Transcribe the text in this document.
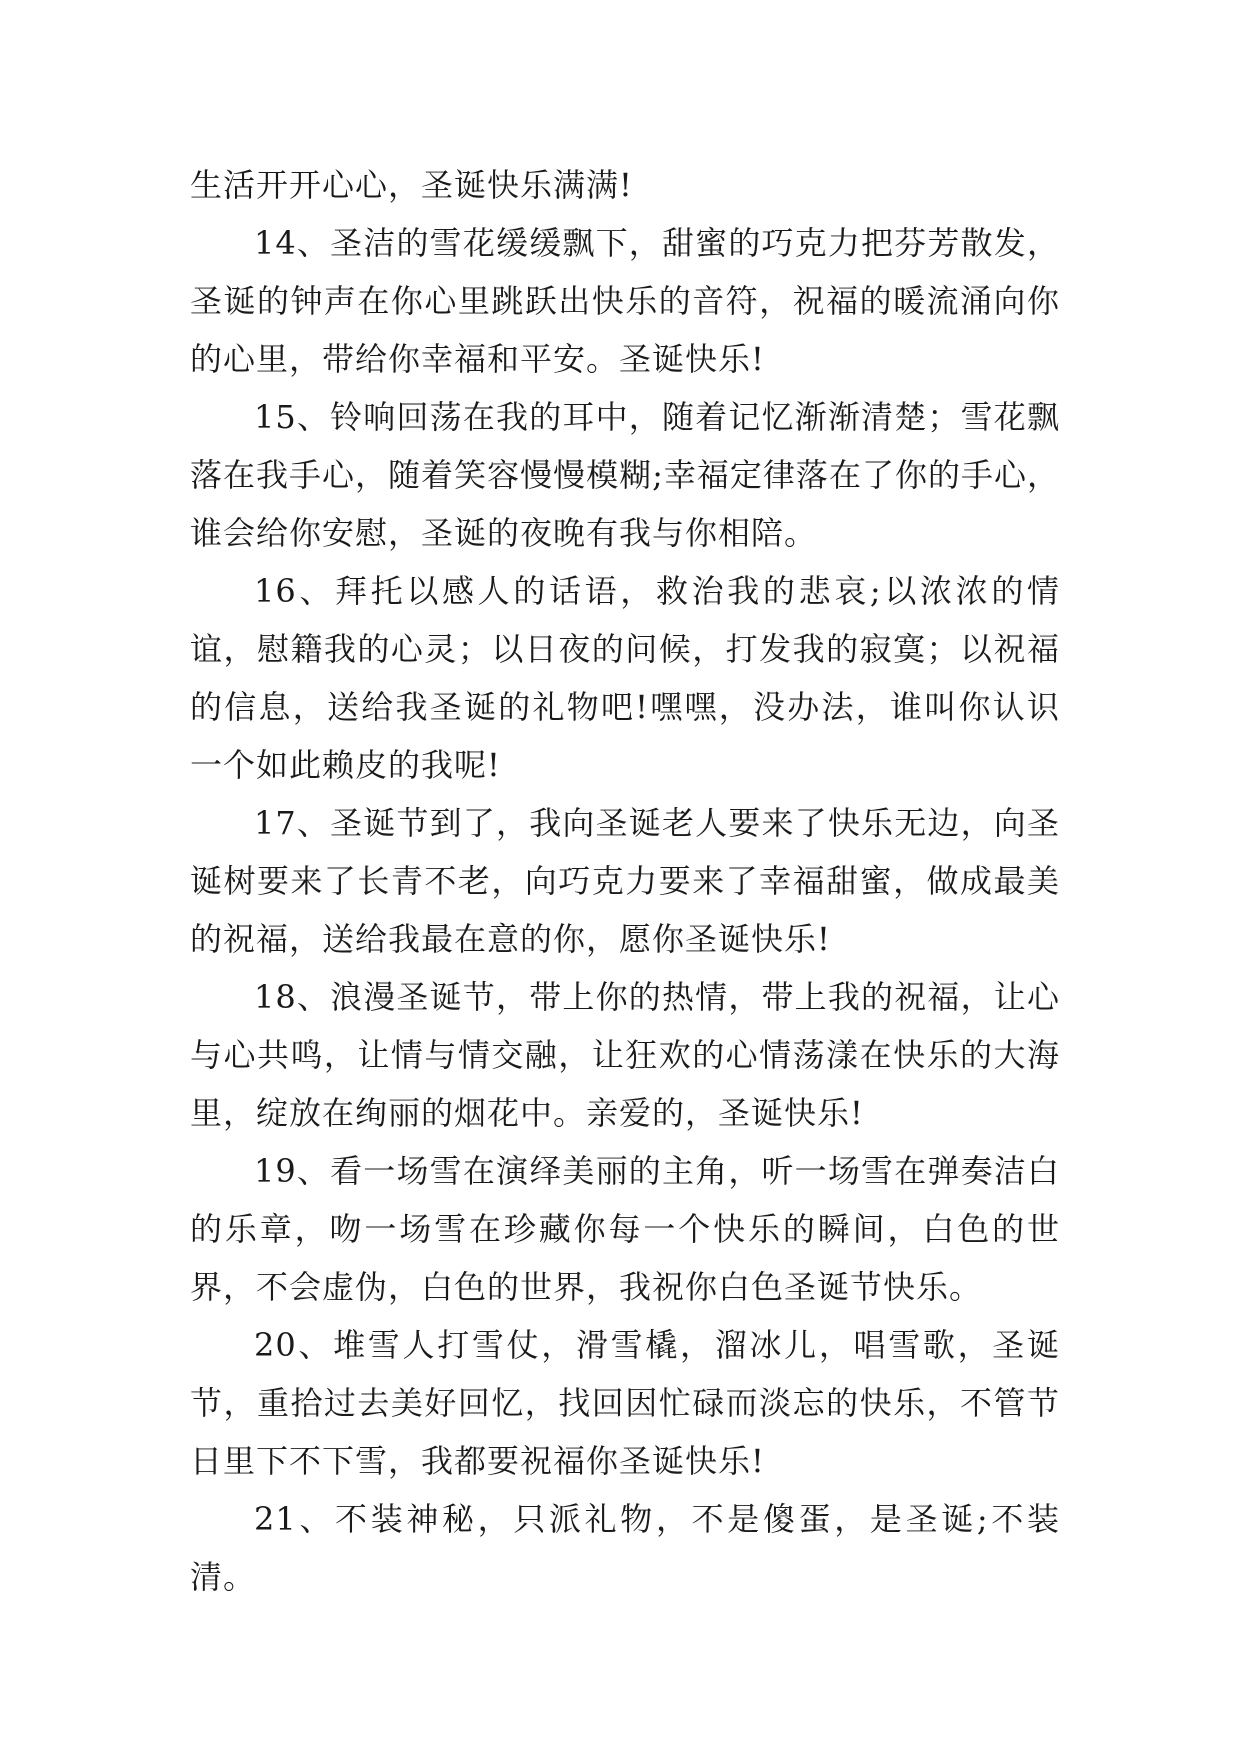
生活开开心心，圣诞快乐满满!

14、圣洁的雪花缓缓飘下，甜蜜的巧克力把芬芳散发，圣诞的钟声在你心里跳跃出快乐的音符，祝福的暖流涌向你的心里，带给你幸福和平安。圣诞快乐!

15、铃响回荡在我的耳中，随着记忆渐渐清楚；雪花飘落在我手心，随着笑容慢慢模糊;幸福定律落在了你的手心，谁会给你安慰，圣诞的夜晚有我与你相陪。

16、拜托以感人的话语，救治我的悲哀;以浓浓的情谊，慰籍我的心灵；以日夜的问候，打发我的寂寞；以祝福的信息，送给我圣诞的礼物吧!嘿嘿，没办法，谁叫你认识一个如此赖皮的我呢!

17、圣诞节到了，我向圣诞老人要来了快乐无边，向圣诞树要来了长青不老，向巧克力要来了幸福甜蜜，做成最美的祝福，送给我最在意的你，愿你圣诞快乐!

18、浪漫圣诞节，带上你的热情，带上我的祝福，让心与心共鸣，让情与情交融，让狂欢的心情荡漾在快乐的大海里，绽放在绚丽的烟花中。亲爱的，圣诞快乐!

19、看一场雪在演绎美丽的主角，听一场雪在弹奏洁白的乐章，吻一场雪在珍藏你每一个快乐的瞬间，白色的世界，不会虚伪，白色的世界，我祝你白色圣诞节快乐。

20、堆雪人打雪仗，滑雪橇，溜冰儿，唱雪歌，圣诞节，重拾过去美好回忆，找回因忙碌而淡忘的快乐，不管节日里下不下雪，我都要祝福你圣诞快乐!

21、不装神秘，只派礼物，不是傻蛋，是圣诞;不装清。
